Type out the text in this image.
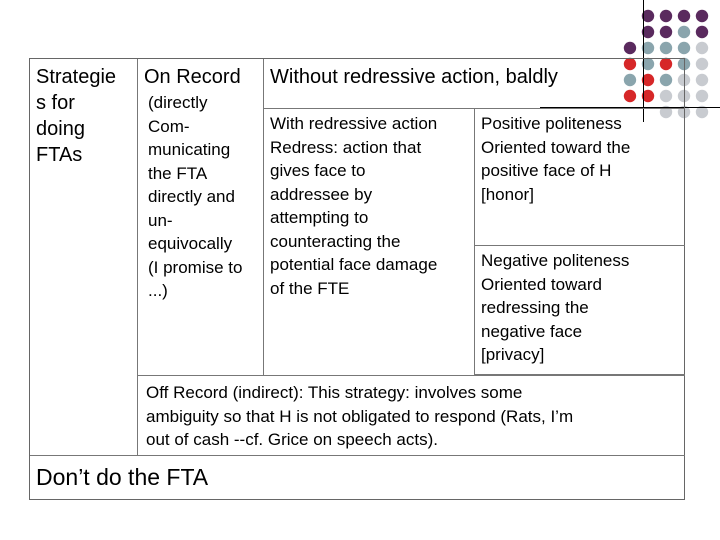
Strategie
s for
doing
FTAs

On Record

(directly
Com-
municating
the FTA
directly and
un-
equivocally
(I promise to
...)

Without redressive action, baldly

With redressive action
Redress: action that
gives face to
addressee by
attempting to
counteracting the
potential face damage
of the FTE

Positive politeness
Oriented toward the
positive face of H
[honor]

Negative politeness
Oriented toward
redressing the
negative face
[privacy]

Off Record (indirect): This strategy: involves some
ambiguity so that H is not obligated to respond (Rats, I’m
out of cash --cf. Grice on speech acts).

Don’t do the FTA
